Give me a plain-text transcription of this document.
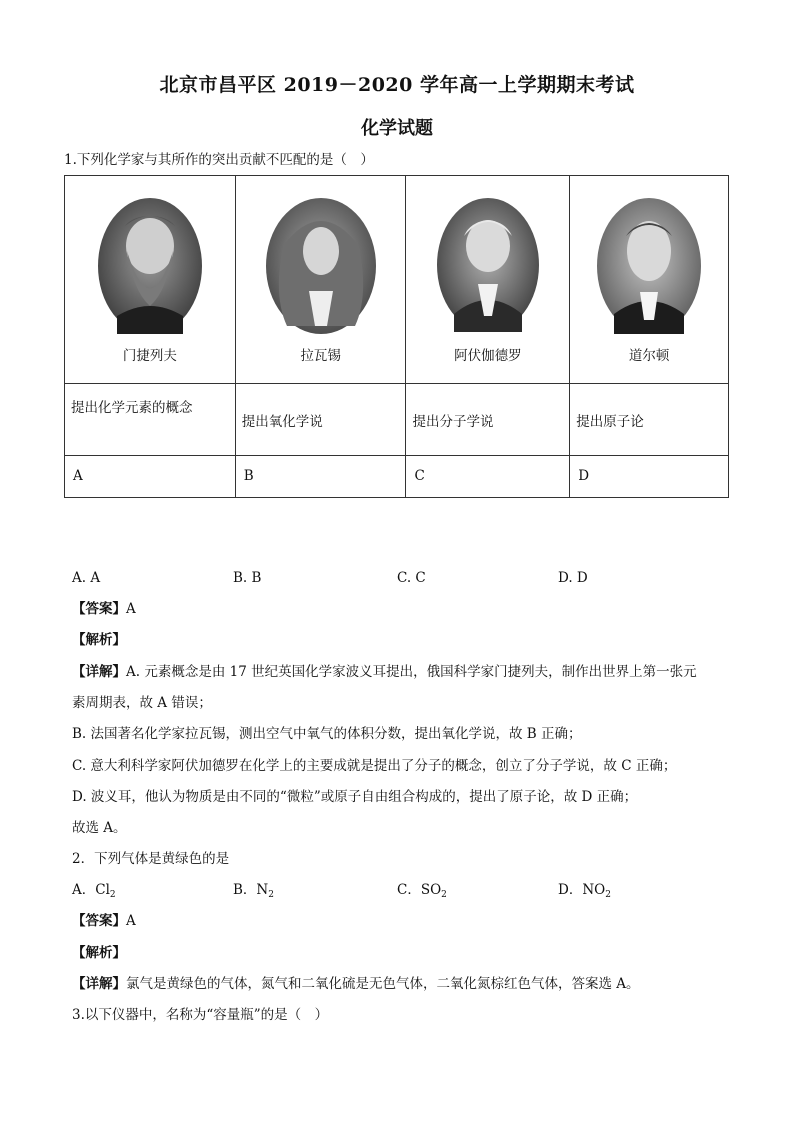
北京市昌平区 2019－2020 学年高一上学期期末考试
化学试题
1.下列化学家与其所作的突出贡献不匹配的是（　）
门捷列夫	拉瓦锡	阿伏伽德罗	道尔顿

提出化学元素的概念	提出氧化学说	提出分子学说	提出原子论
A	B	C	D
A. A	B. B	C. C	D. D
【答案】A
【解析】
【详解】A. 元素概念是由 17 世纪英国化学家波义耳提出，俄国科学家门捷列夫，制作出世界上第一张元
素周期表，故 A 错误；
B. 法国著名化学家拉瓦锡，测出空气中氧气的体积分数，提出氧化学说，故 B 正确；
C. 意大利科学家阿伏加德罗在化学上的主要成就是提出了分子的概念，创立了分子学说，故 C 正确；
D. 波义耳，他认为物质是由不同的“微粒”或原子自由组合构成的，提出了原子论，故 D 正确；
故选 A。
2．下列气体是黄绿色的是
A．$Cl_2$	B．$N_2$	C．$SO_2$	D．$NO_2$
【答案】A
【解析】
【详解】氯气是黄绿色的气体，氮气和二氧化硫是无色气体，二氧化氮棕红色气体，答案选 A。
3.以下仪器中，名称为“容量瓶”的是（　）
